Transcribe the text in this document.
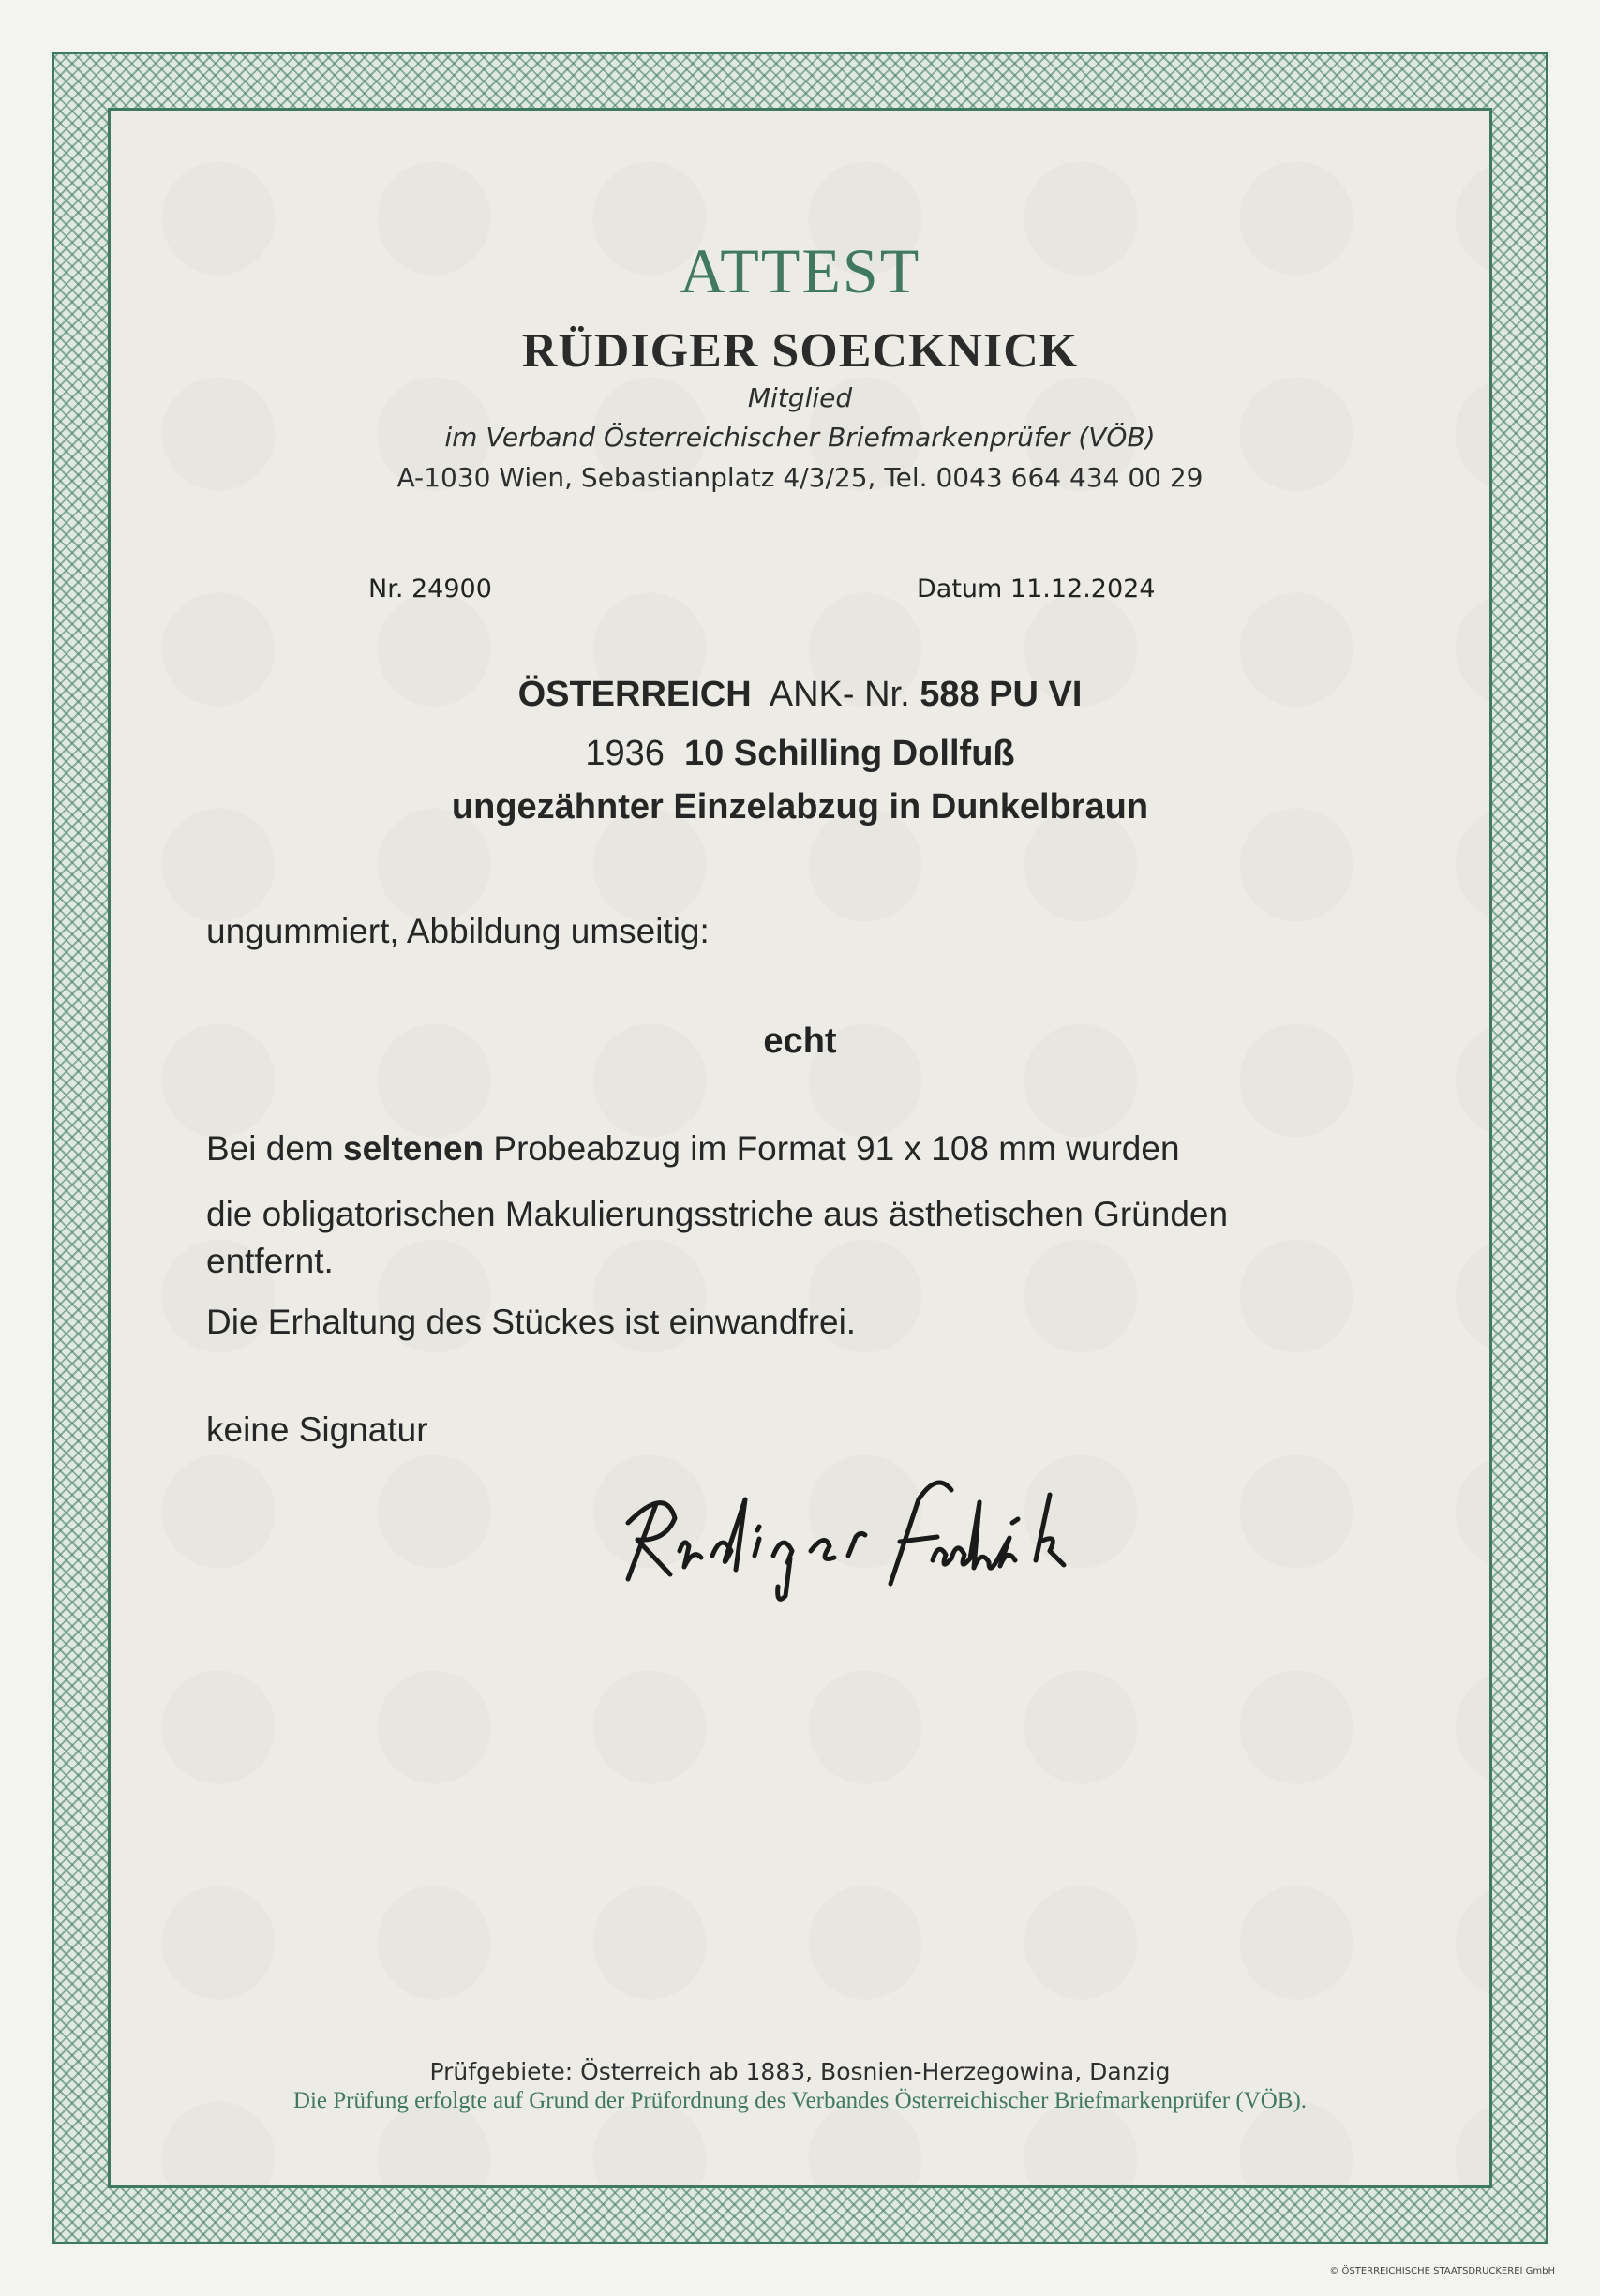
ATTEST
RÜDIGER SOECKNICK
Mitglied
im Verband Österreichischer Briefmarkenprüfer (VÖB)
A-1030 Wien, Sebastianplatz 4/3/25, Tel. 0043 664 434 00 29
Nr. 24900	Datum 11.12.2024
ÖSTERREICH ANK- Nr. 588 PU VI
1936 10 Schilling Dollfuß
ungezähnter Einzelabzug in Dunkelbraun
ungummiert, Abbildung umseitig:
echt
Bei dem seltenen Probeabzug im Format 91 x 108 mm wurden
die obligatorischen Makulierungsstriche aus ästhetischen Gründen
entfernt.
Die Erhaltung des Stückes ist einwandfrei.
keine Signatur
Prüfgebiete: Österreich ab 1883, Bosnien-Herzegowina, Danzig
Die Prüfung erfolgte auf Grund der Prüfordnung des Verbandes Österreichischer Briefmarkenprüfer (VÖB).
© ÖSTERREICHISCHE STAATSDRUCKEREI GmbH
